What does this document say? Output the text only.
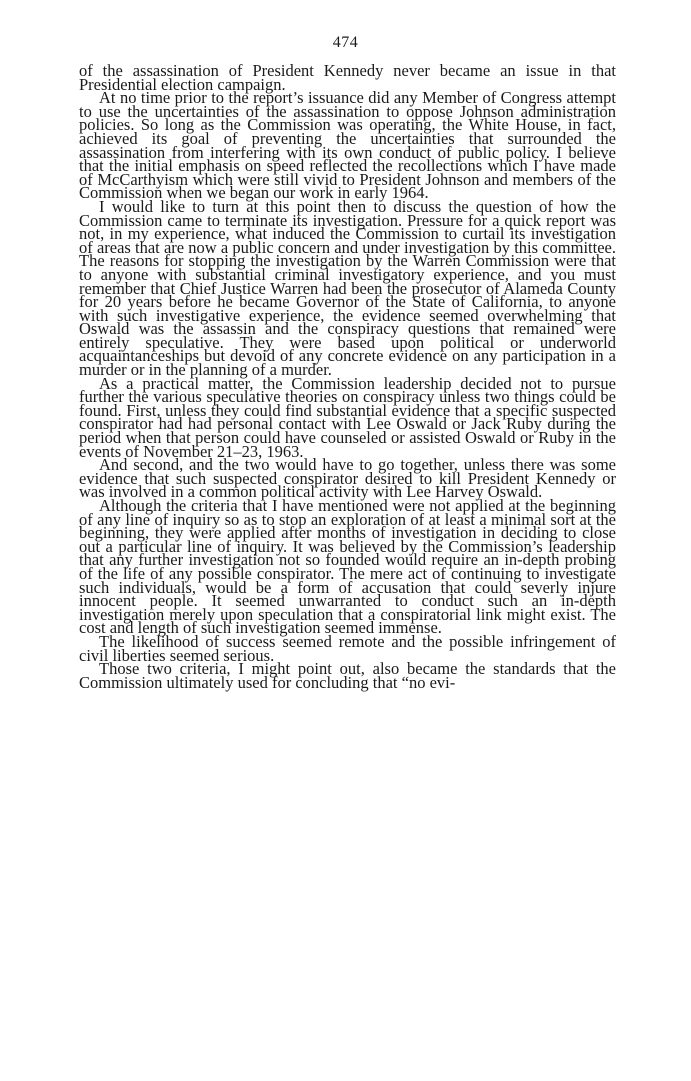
474

of the assassination of President Kennedy never became an issue in that Presidential election campaign.

At no time prior to the report’s issuance did any Member of Congress attempt to use the uncertainties of the assassination to oppose Johnson administration policies. So long as the Commission was operating, the White House, in fact, achieved its goal of preventing the uncertainties that surrounded the assassination from interfering with its own conduct of public policy. I believe that the initial emphasis on speed reflected the recollections which I have made of McCarthyism which were still vivid to President Johnson and members of the Commission when we began our work in early 1964.

I would like to turn at this point then to discuss the question of how the Commission came to terminate its investigation. Pressure for a quick report was not, in my experience, what induced the Commission to curtail its investigation of areas that are now a public concern and under investigation by this committee. The reasons for stopping the investigation by the Warren Commission were that to anyone with substantial criminal investigatory experience, and you must remember that Chief Justice Warren had been the prosecutor of Alameda County for 20 years before he became Governor of the State of California, to anyone with such investigative experience, the evidence seemed overwhelming that Oswald was the assassin and the conspiracy questions that remained were entirely speculative. They were based upon political or underworld acquaintanceships but devoid of any concrete evidence on any participation in a murder or in the planning of a murder.

As a practical matter, the Commission leadership decided not to pursue further the various speculative theories on conspiracy unless two things could be found. First, unless they could find substantial evidence that a specific suspected conspirator had had personal contact with Lee Oswald or Jack Ruby during the period when that person could have counseled or assisted Oswald or Ruby in the events of November 21–23, 1963.

And second, and the two would have to go together, unless there was some evidence that such suspected conspirator desired to kill President Kennedy or was involved in a common political activity with Lee Harvey Oswald.

Although the criteria that I have mentioned were not applied at the beginning of any line of inquiry so as to stop an exploration of at least a minimal sort at the beginning, they were applied after months of investigation in deciding to close out a particular line of inquiry. It was believed by the Commission’s leadership that any further investigation not so founded would require an in-depth probing of the life of any possible conspirator. The mere act of continuing to investigate such individuals, would be a form of accusation that could severly injure innocent people. It seemed unwarranted to conduct such an in-depth investigation merely upon speculation that a conspiratorial link might exist. The cost and length of such investigation seemed immense.

The likelihood of success seemed remote and the possible infringement of civil liberties seemed serious.

Those two criteria, I might point out, also became the standards that the Commission ultimately used for concluding that “no evi-
